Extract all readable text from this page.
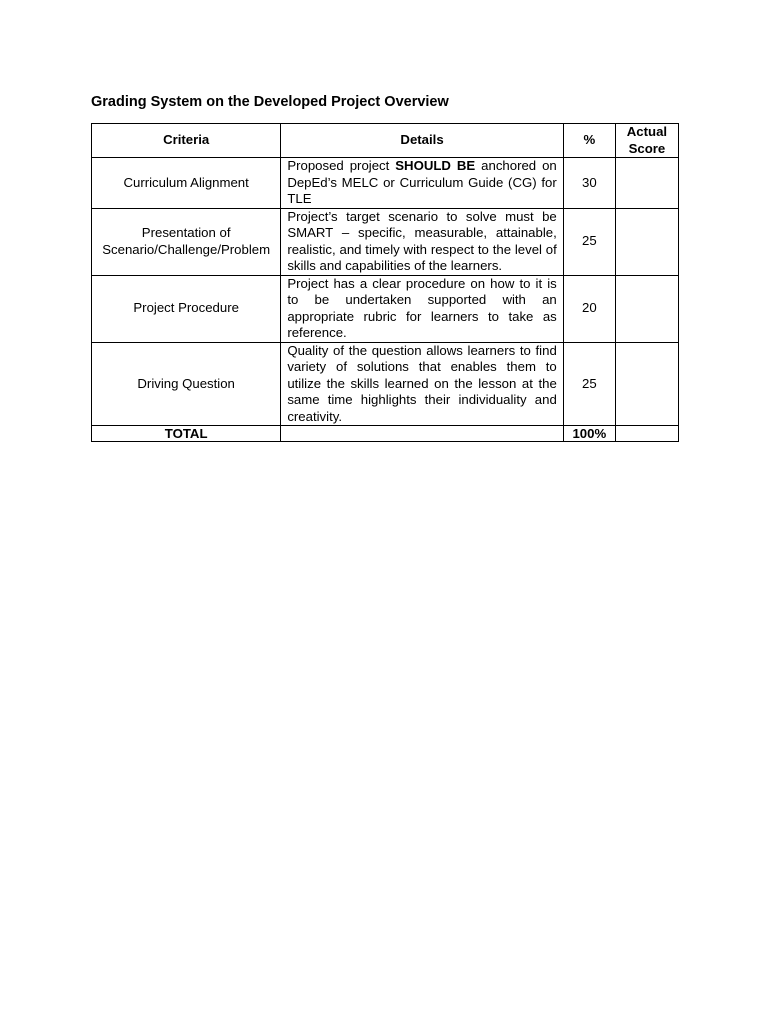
Grading System on the Developed Project Overview
Criteria	Details	%	Actual Score
Curriculum Alignment	Proposed project SHOULD BE anchored on DepEd’s MELC or Curriculum Guide (CG) for TLE	30	
Presentation of Scenario/Challenge/Problem	Project’s target scenario to solve must be SMART – specific, measurable, attainable, realistic, and timely with respect to the level of skills and capabilities of the learners.	25	
Project Procedure	Project has a clear procedure on how to it is to be undertaken supported with an appropriate rubric for learners to take as reference.	20	
Driving Question	Quality of the question allows learners to find variety of solutions that enables them to utilize the skills learned on the lesson at the same time highlights their individuality and creativity.	25	
TOTAL		100%	
